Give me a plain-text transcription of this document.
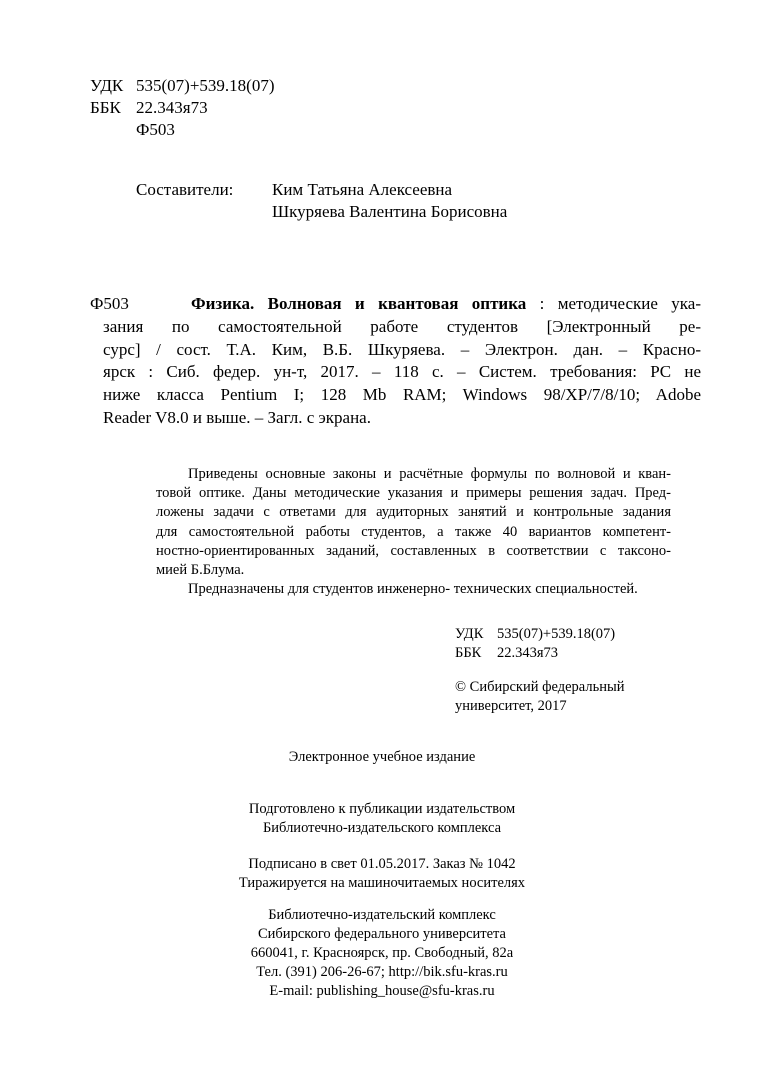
УДК 535(07)+539.18(07)
ББК 22.343я73
Ф503
Составители: Ким Татьяна Алексеевна
Шкуряева Валентина Борисовна
Ф503	Физика. Волновая и квантовая оптика : методические ука-
зания по самостоятельной работе студентов [Электронный ре-
сурс] / сост. Т.А. Ким, В.Б. Шкуряева. – Электрон. дан. – Красно-
ярск : Сиб. федер. ун-т, 2017. – 118 с. – Систем. требования: PC не
ниже класса Pentium I; 128 Mb RAM; Windows 98/XP/7/8/10; Adobe
Reader V8.0 и выше. – Загл. с экрана.
Приведены основные законы и расчётные формулы по волновой и кван-
товой оптике. Даны методические указания и примеры решения задач. Пред-
ложены задачи с ответами для аудиторных занятий и контрольные задания
для самостоятельной работы студентов, а также 40 вариантов компетент-
ностно-ориентированных заданий, составленных в соответствии с таксоно-
мией Б.Блума.
Предназначены для студентов инженерно- технических специальностей.
УДК 535(07)+539.18(07)
ББК 22.343я73
© Сибирский федеральный
университет, 2017
Электронное учебное издание
Подготовлено к публикации издательством
Библиотечно-издательского комплекса
Подписано в свет 01.05.2017. Заказ № 1042
Тиражируется на машиночитаемых носителях
Библиотечно-издательский комплекс
Сибирского федерального университета
660041, г. Красноярск, пр. Свободный, 82а
Тел. (391) 206-26-67; http://bik.sfu-kras.ru
E-mail: publishing_house@sfu-kras.ru
